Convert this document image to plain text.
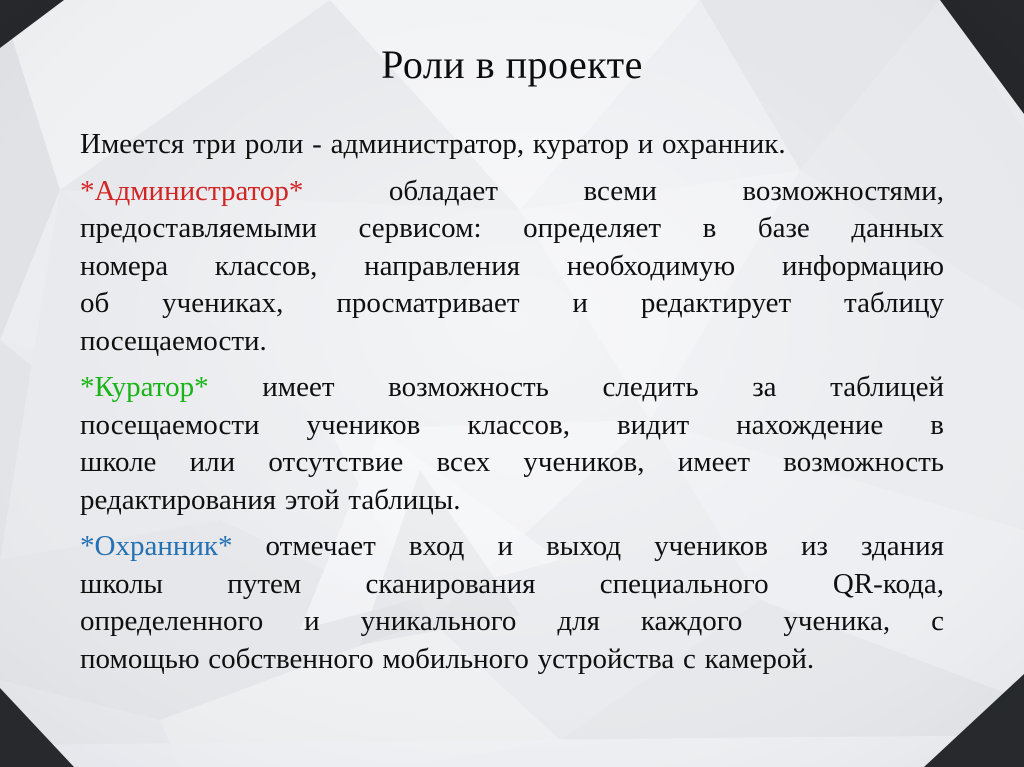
Роли в проекте
Имеется три роли - администратор, куратор и охранник.
*Администратор* обладает всеми возможностями,
предоставляемыми сервисом: определяет в базе данных
номера классов, направления необходимую информацию
об учениках, просматривает и редактирует таблицу
посещаемости.
*Куратор* имеет возможность следить за таблицей
посещаемости учеников классов, видит нахождение в
школе или отсутствие всех учеников, имеет возможность
редактирования этой таблицы.
*Охранник* отмечает вход и выход учеников из здания
школы путем сканирования специального QR-кода,
определенного и уникального для каждого ученика, с
помощью собственного мобильного устройства с камерой.
